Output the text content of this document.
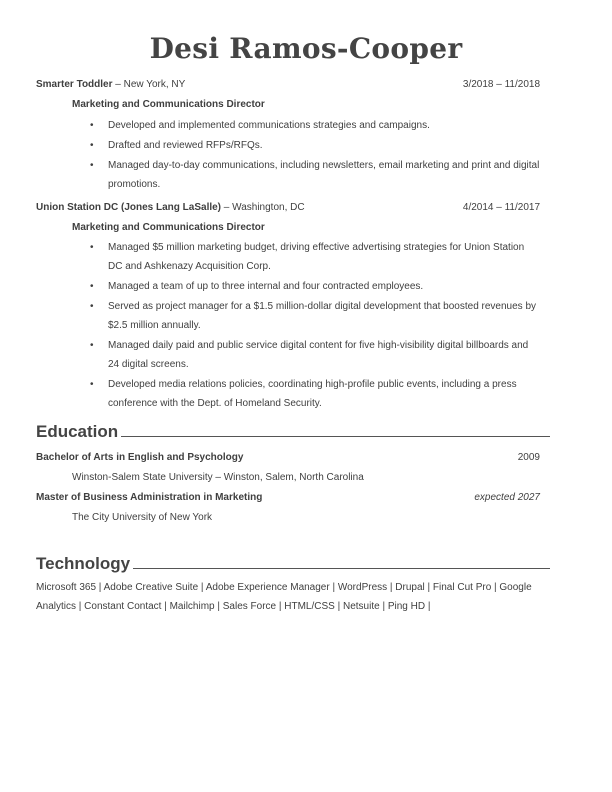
Desi Ramos-Cooper
Smarter Toddler – New York, NY	3/2018 – 11/2018
Marketing and Communications Director
•	Developed and implemented communications strategies and campaigns.
•	Drafted and reviewed RFPs/RFQs.
•	Managed day-to-day communications, including newsletters, email marketing and print and digital promotions.
Union Station DC (Jones Lang LaSalle) – Washington, DC	4/2014 – 11/2017
Marketing and Communications Director
•	Managed $5 million marketing budget, driving effective advertising strategies for Union Station DC and Ashkenazy Acquisition Corp.
•	Managed a team of up to three internal and four contracted employees.
•	Served as project manager for a $1.5 million-dollar digital development that boosted revenues by $2.5 million annually.
•	Managed daily paid and public service digital content for five high-visibility digital billboards and 24 digital screens.
•	Developed media relations policies, coordinating high-profile public events, including a press conference with the Dept. of Homeland Security.
Education
Bachelor of Arts in English and Psychology	2009
Winston-Salem State University – Winston, Salem, North Carolina
Master of Business Administration in Marketing	expected 2027
The City University of New York
Technology
Microsoft 365 | Adobe Creative Suite | Adobe Experience Manager | WordPress | Drupal | Final Cut Pro | Google Analytics | Constant Contact | Mailchimp | Sales Force | HTML/CSS | Netsuite | Ping HD |
